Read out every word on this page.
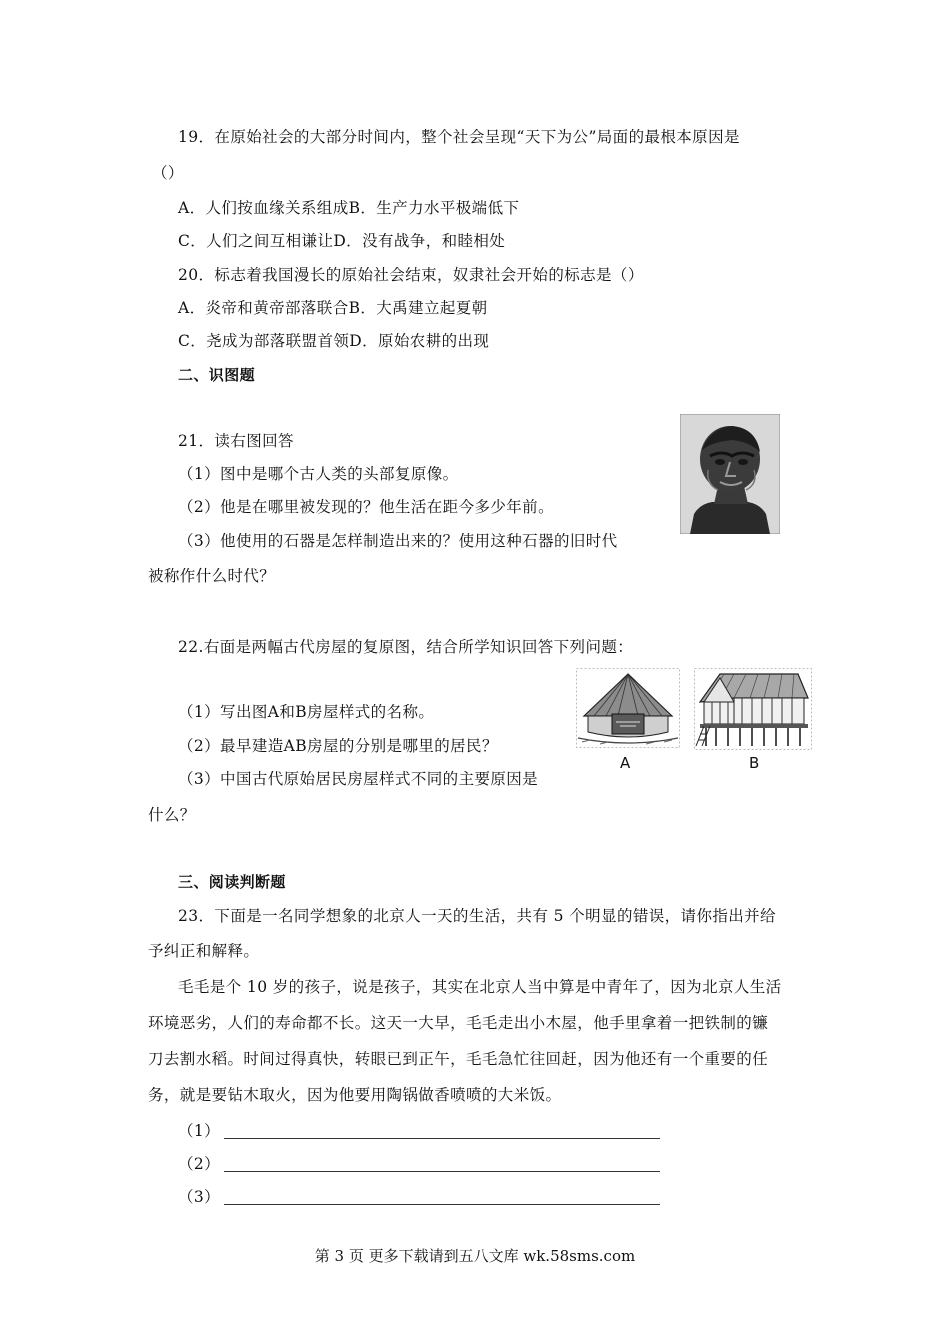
19．在原始社会的大部分时间内，整个社会呈现“天下为公”局面的最根本原因是
（）
A．人们按血缘关系组成B．生产力水平极端低下
C．人们之间互相谦让D．没有战争，和睦相处
20．标志着我国漫长的原始社会结束，奴隶社会开始的标志是（）
A．炎帝和黄帝部落联合B．大禹建立起夏朝
C．尧成为部落联盟首领D．原始农耕的出现
二、识图题
21．读右图回答
（1）图中是哪个古人类的头部复原像。
（2）他是在哪里被发现的？他生活在距今多少年前。
（3）他使用的石器是怎样制造出来的？使用这种石器的旧时代
被称作什么时代？
22.右面是两幅古代房屋的复原图，结合所学知识回答下列问题：
（1）写出图A和B房屋样式的名称。
（2）最早建造AB房屋的分别是哪里的居民？
（3）中国古代原始居民房屋样式不同的主要原因是
什么？
A	B
三、阅读判断题
23．下面是一名同学想象的北京人一天的生活，共有 5 个明显的错误，请你指出并给
予纠正和解释。
毛毛是个 10 岁的孩子，说是孩子，其实在北京人当中算是中青年了，因为北京人生活
环境恶劣，人们的寿命都不长。这天一大早，毛毛走出小木屋，他手里拿着一把铁制的镰
刀去割水稻。时间过得真快，转眼已到正午，毛毛急忙往回赶，因为他还有一个重要的任
务，就是要钻木取火，因为他要用陶锅做香喷喷的大米饭。
（1）
（2）
（3）
第 3 页 更多下载请到五八文库 wk.58sms.com
